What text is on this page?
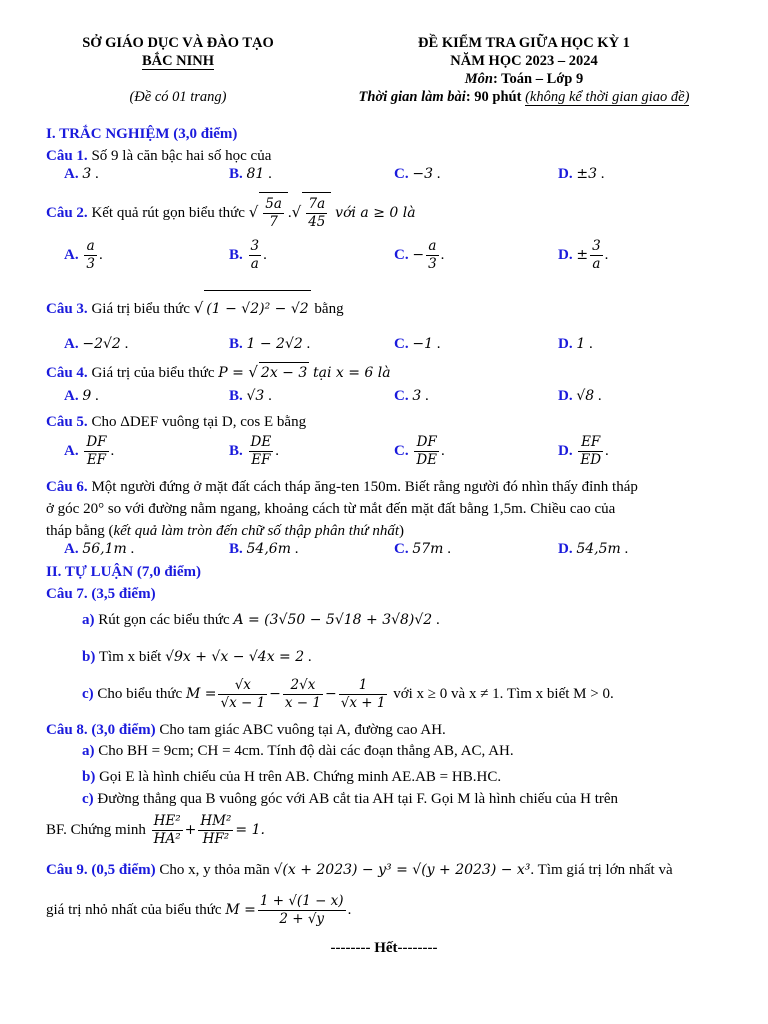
SỞ GIÁO DỤC VÀ ĐÀO TẠO
BẮC NINH
(Đề có 01 trang)
ĐỀ KIỂM TRA GIỮA HỌC KỲ 1
NĂM HỌC 2023 – 2024
Môn: Toán – Lớp 9
Thời gian làm bài: 90 phút (không kể thời gian giao đề)
I. TRẮC NGHIỆM (3,0 điểm)
Câu 1. Số 9 là căn bậc hai số học của
A. 3 .	B. 81 .	C. −3 .	D. ±3 .
Câu 2. Kết quả rút gọn biểu thức √ $\frac{5a}{7}$ .√ $\frac{7a}{45}$ với a ≥ 0 là
A. $\frac{a}{3}$ .	B. $\frac{3}{a}$ .	C. − $\frac{a}{3}$ .	D. ± $\frac{3}{a}$ .
Câu 3. Giá trị biểu thức √ (1 − √2)² − √2 bằng
A. −2√2 .	B. 1 − 2√2 .	C. −1 .	D. 1 .
Câu 4. Giá trị của biểu thức P = √ 2x − 3 tại x = 6 là
A. 9 .	B. √3 .	C. 3 .	D. √8 .
Câu 5. Cho ΔDEF vuông tại D, cos E bằng
A. $\frac{DF}{EF}$ .	B. $\frac{DE}{EF}$ .	C. $\frac{DF}{DE}$ .	D. $\frac{EF}{ED}$ .
Câu 6. Một người đứng ở mặt đất cách tháp ăng-ten 150m. Biết rằng người đó nhìn thấy đỉnh tháp
ở góc 20° so với đường nằm ngang, khoảng cách từ mắt đến mặt đất bằng 1,5m. Chiều cao của
tháp bằng (kết quả làm tròn đến chữ số thập phân thứ nhất)
A. 56,1m .	B. 54,6m .	C. 57m .	D. 54,5m .
II. TỰ LUẬN (7,0 điểm)
Câu 7. (3,5 điểm)
a) Rút gọn các biểu thức A = (3√50 − 5√18 + 3√8)√2 .
b) Tìm x biết √9x + √x − √4x = 2 .
c) Cho biểu thức $M = \frac{√x}{√x - 1} - \frac{2√x}{x - 1} - \frac{1}{√x + 1}$ với x ≥ 0 và x ≠ 1. Tìm x biết M > 0.
Câu 8. (3,0 điểm) Cho tam giác ABC vuông tại A, đường cao AH.
a) Cho BH = 9cm; CH = 4cm. Tính độ dài các đoạn thẳng AB, AC, AH.
b) Gọi E là hình chiếu của H trên AB. Chứng minh AE.AB = HB.HC.
c) Đường thẳng qua B vuông góc với AB cắt tia AH tại F. Gọi M là hình chiếu của H trên
BF. Chứng minh $\frac{\text{HE²}}{\text{HA²}} + \frac{\text{HM²}}{\text{HF²}} = 1$.
Câu 9. (0,5 điểm) Cho x, y thỏa mãn √(x + 2023) − y³ = √(y + 2023) − x³. Tìm giá trị lớn nhất và
giá trị nhỏ nhất của biểu thức $M = \frac{1 + √(1 - x)}{2 + √y}$ .
-------- Hết--------
